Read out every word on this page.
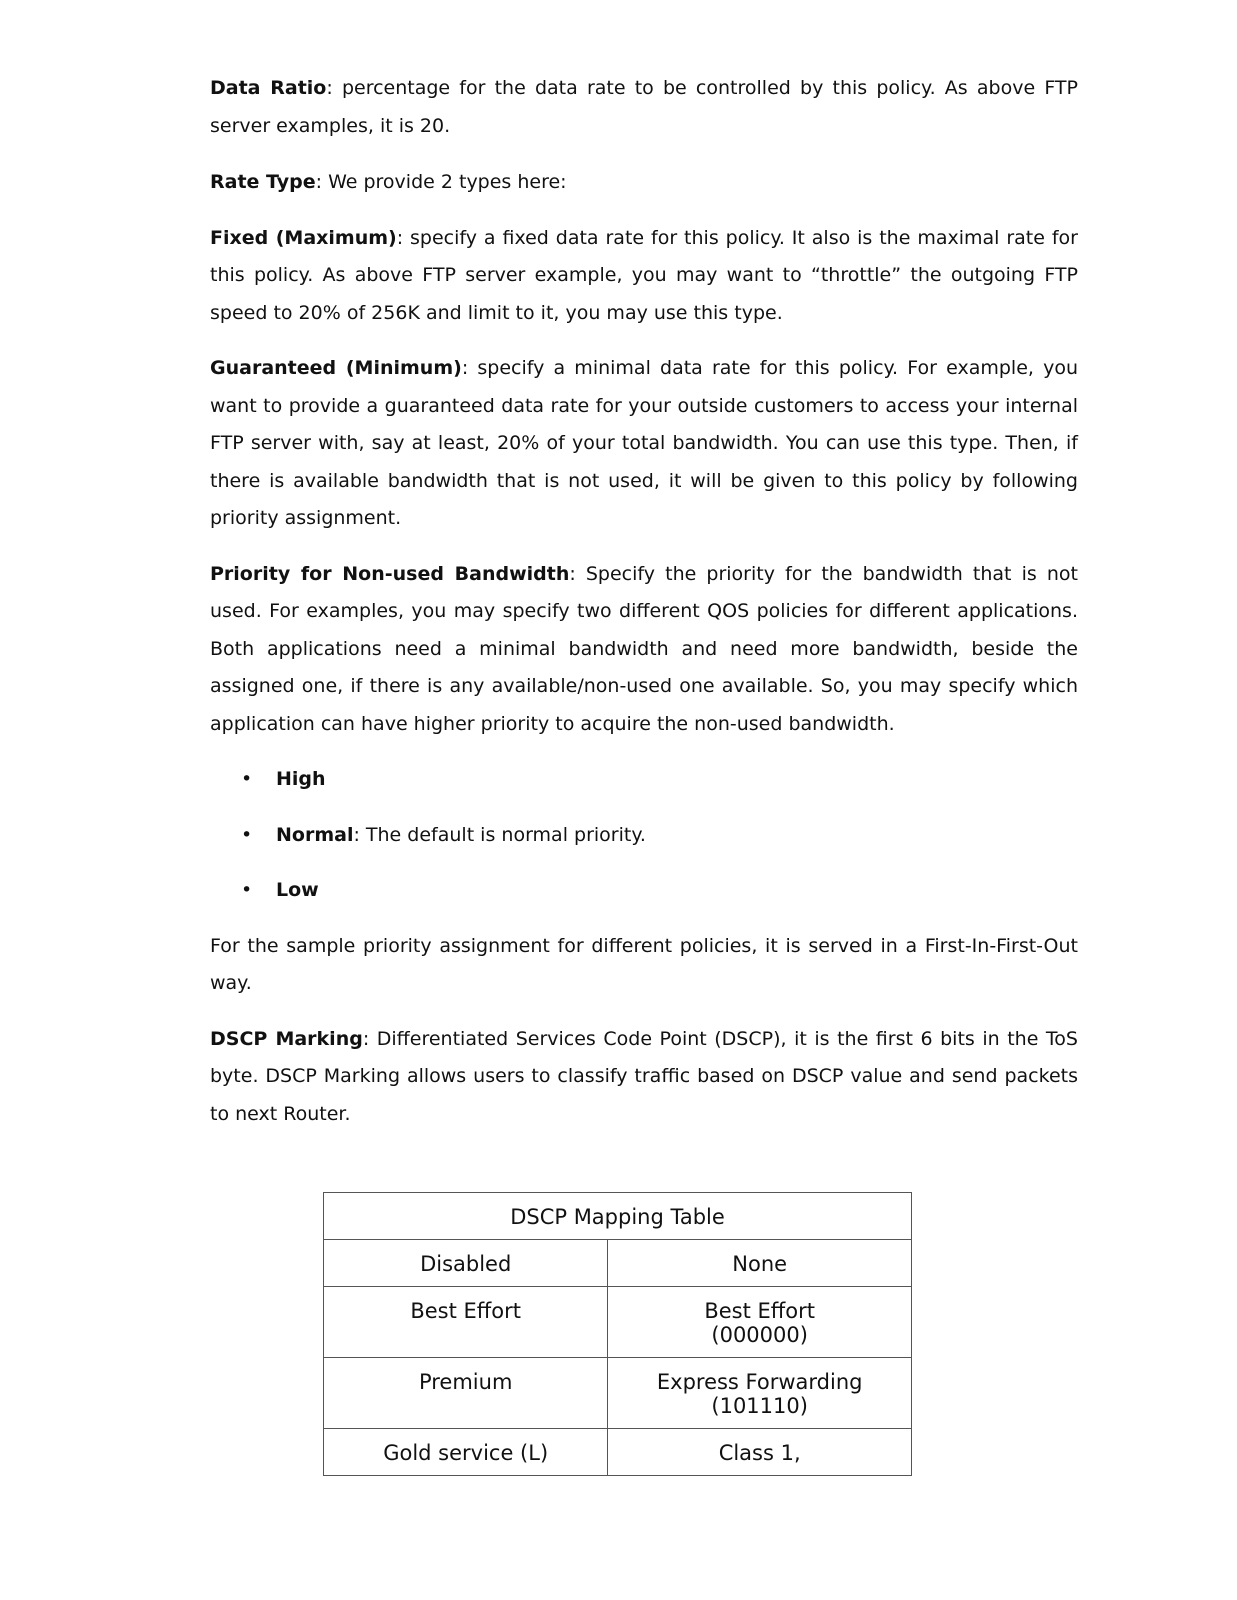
Data Ratio: percentage for the data rate to be controlled by this policy. As above FTP server examples, it is 20.

Rate Type: We provide 2 types here:

Fixed (Maximum): specify a fixed data rate for this policy. It also is the maximal rate for this policy. As above FTP server example, you may want to “throttle” the outgoing FTP speed to 20% of 256K and limit to it, you may use this type.

Guaranteed (Minimum): specify a minimal data rate for this policy. For example, you want to provide a guaranteed data rate for your outside customers to access your internal FTP server with, say at least, 20% of your total bandwidth. You can use this type. Then, if there is available bandwidth that is not used, it will be given to this policy by following priority assignment.

Priority for Non-used Bandwidth: Specify the priority for the bandwidth that is not used. For examples, you may specify two different QOS policies for different applications. Both applications need a minimal bandwidth and need more bandwidth, beside the assigned one, if there is any available/non-used one available. So, you may specify which application can have higher priority to acquire the non-used bandwidth.

• High
• Normal: The default is normal priority.
• Low

For the sample priority assignment for different policies, it is served in a First-In-First-Out way.

DSCP Marking: Differentiated Services Code Point (DSCP), it is the first 6 bits in the ToS byte. DSCP Marking allows users to classify traffic based on DSCP value and send packets to next Router.

DSCP Mapping Table	
Disabled	None

Best Effort	Best Effort
(000000)

Premium	Express Forwarding
(101110)

Gold service (L)	Class 1,
